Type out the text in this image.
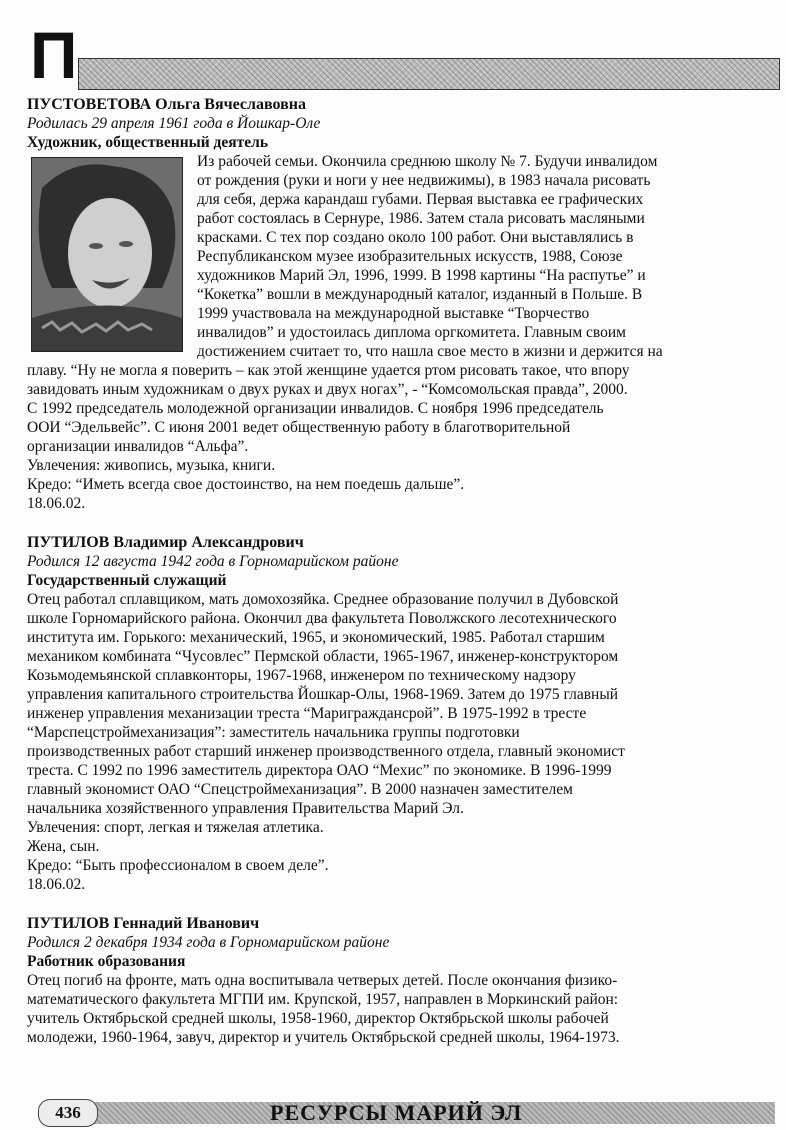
П
ПУСТОВЕТОВА Ольга Вячеславовна
Родилась 29 апреля 1961 года в Йошкар-Оле
Художник, общественный деятель

Из рабочей семьи. Окончила среднюю школу № 7. Будучи инвалидом
от рождения (руки и ноги у нее недвижимы), в 1983 начала рисовать
для себя, держа карандаш губами. Первая выставка ее графических
работ состоялась в Сернуре, 1986. Затем стала рисовать масляными
красками. С тех пор создано около 100 работ. Они выставлялись в
Республиканском музее изобразительных искусств, 1988, Союзе
художников Марий Эл, 1996, 1999. В 1998 картины “На распутье” и
“Кокетка” вошли в международный каталог, изданный в Польше. В
1999 участвовала на международной выставке “Творчество
инвалидов” и удостоилась диплома оргкомитета. Главным своим
достижением считает то, что нашла свое место в жизни и держится на
плаву. “Ну не могла я поверить – как этой женщине удается ртом рисовать такое, что впору
завидовать иным художникам о двух руках и двух ногах”, - “Комсомольская правда”, 2000.
С 1992 председатель молодежной организации инвалидов. С ноября 1996 председатель
ООИ “Эдельвейс”. С июня 2001 ведет общественную работу в благотворительной
организации инвалидов “Альфа”.
Увлечения: живопись, музыка, книги.
Кредо: “Иметь всегда свое достоинство, на нем поедешь дальше”.
18.06.02.

ПУТИЛОВ Владимир Александрович
Родился 12 августа 1942 года в Горномарийском районе
Государственный служащий

Отец работал сплавщиком, мать домохозяйка. Среднее образование получил в Дубовской
школе Горномарийского района. Окончил два факультета Поволжского лесотехнического
института им. Горького: механический, 1965, и экономический, 1985. Работал старшим
механиком комбината “Чусовлес” Пермской области, 1965-1967, инженер-конструктором
Козьмодемьянской сплавконторы, 1967-1968, инженером по техническому надзору
управления капитального строительства Йошкар-Олы, 1968-1969. Затем до 1975 главный
инженер управления механизации треста “Мариграждансрой”. В 1975-1992 в тресте
“Марспецстроймеханизация”: заместитель начальника группы подготовки
производственных работ старший инженер производственного отдела, главный экономист
треста. С 1992 по 1996 заместитель директора ОАО “Мехис” по экономике. В 1996-1999
главный экономист ОАО “Спецстроймеханизация”. В 2000 назначен заместителем
начальника хозяйственного управления Правительства Марий Эл.
Увлечения: спорт, легкая и тяжелая атлетика.
Жена, сын.
Кредо: “Быть профессионалом в своем деле”.
18.06.02.

ПУТИЛОВ Геннадий Иванович
Родился 2 декабря 1934 года в Горномарийском районе
Работник образования

Отец погиб на фронте, мать одна воспитывала четверых детей. После окончания физико-
математического факультета МГПИ им. Крупской, 1957, направлен в Моркинский район:
учитель Октябрьской средней школы, 1958-1960, директор Октябрьской школы рабочей
молодежи, 1960-1964, завуч, директор и учитель Октябрьской средней школы, 1964-1973.

436	РЕСУРСЫ МАРИЙ ЭЛ
